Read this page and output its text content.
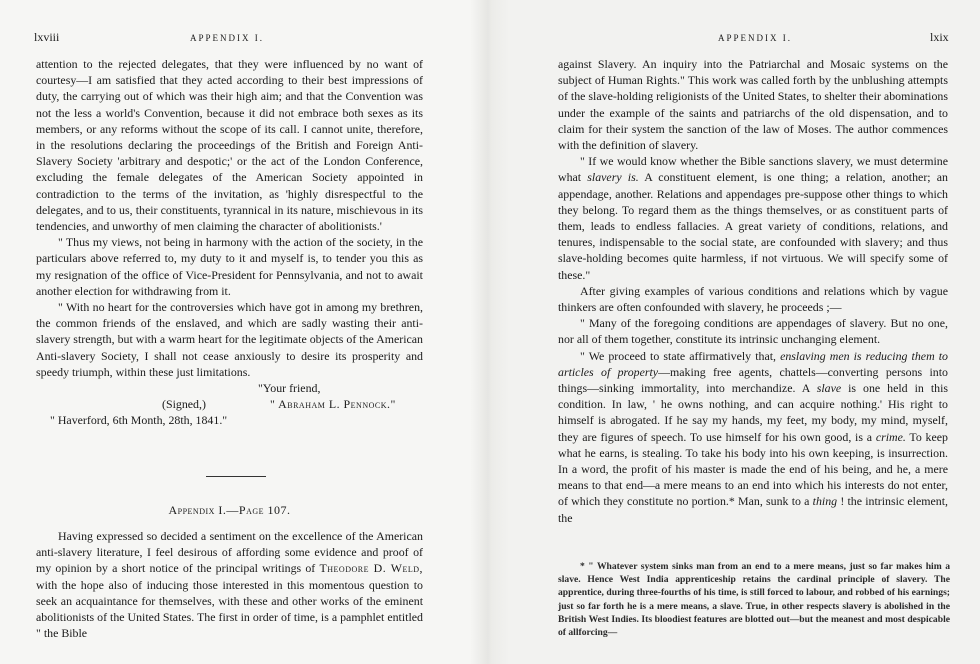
lxviii	APPENDIX I.

attention to the rejected delegates, that they were influenced by no want of courtesy—I am satisfied that they acted according to their best impressions of duty, the carrying out of which was their high aim; and that the Convention was not the less a world's Convention, because it did not embrace both sexes as its members, or any reforms without the scope of its call. I cannot unite, therefore, in the resolutions declaring the proceedings of the British and Foreign Anti-Slavery Society 'arbitrary and despotic;' or the act of the London Conference, excluding the female delegates of the American Society appointed in contradiction to the terms of the invitation, as 'highly disrespectful to the delegates, and to us, their constituents, tyrannical in its nature, mischievous in its tendencies, and unworthy of men claiming the character of abolitionists.'

" Thus my views, not being in harmony with the action of the society, in the particulars above referred to, my duty to it and myself is, to tender you this as my resignation of the office of Vice-President for Pennsylvania, and not to await another election for withdrawing from it.

" With no heart for the controversies which have got in among my brethren, the common friends of the enslaved, and which are sadly wasting their anti-slavery strength, but with a warm heart for the legitimate objects of the American Anti-slavery Society, I shall not cease anxiously to desire its prosperity and speedy triumph, within these just limitations.

"Your friend,

(Signed,)	" Abraham L. Pennock."

" Haverford, 6th Month, 28th, 1841."

Appendix I.—Page 107.

Having expressed so decided a sentiment on the excellence of the American anti-slavery literature, I feel desirous of affording some evidence and proof of my opinion by a short notice of the principal writings of Theodore D. Weld, with the hope also of inducing those interested in this momentous question to seek an acquaintance for themselves, with these and other works of the eminent abolitionists of the United States. The first in order of time, is a pamphlet entitled " the Bible

APPENDIX I.	lxix

against Slavery. An inquiry into the Patriarchal and Mosaic systems on the subject of Human Rights." This work was called forth by the unblushing attempts of the slave-holding religionists of the United States, to shelter their abominations under the example of the saints and patriarchs of the old dispensation, and to claim for their system the sanction of the law of Moses. The author commences with the definition of slavery.

" If we would know whether the Bible sanctions slavery, we must determine what slavery is. A constituent element, is one thing; a relation, another; an appendage, another. Relations and appendages pre-suppose other things to which they belong. To regard them as the things themselves, or as constituent parts of them, leads to endless fallacies. A great variety of conditions, relations, and tenures, indispensable to the social state, are confounded with slavery; and thus slave-holding becomes quite harmless, if not virtuous. We will specify some of these."

After giving examples of various conditions and relations which by vague thinkers are often confounded with slavery, he proceeds ;—

" Many of the foregoing conditions are appendages of slavery. But no one, nor all of them together, constitute its intrinsic unchanging element.

" We proceed to state affirmatively that, enslaving men is reducing them to articles of property—making free agents, chattels—converting persons into things—sinking immortality, into merchandize. A slave is one held in this condition. In law, ' he owns nothing, and can acquire nothing.' His right to himself is abrogated. If he say my hands, my feet, my body, my mind, myself, they are figures of speech. To use himself for his own good, is a crime. To keep what he earns, is stealing. To take his body into his own keeping, is insurrection. In a word, the profit of his master is made the end of his being, and he, a mere means to that end—a mere means to an end into which his interests do not enter, of which they constitute no portion.* Man, sunk to a thing ! the intrinsic element, the

* " Whatever system sinks man from an end to a mere means, just so far makes him a slave. Hence West India apprenticeship retains the cardinal principle of slavery. The apprentice, during three-fourths of his time, is still forced to labour, and robbed of his earnings; just so far forth he is a mere means, a slave. True, in other respects slavery is abolished in the British West Indies. Its bloodiest features are blotted out—but the meanest and most despicable of allforcing—
